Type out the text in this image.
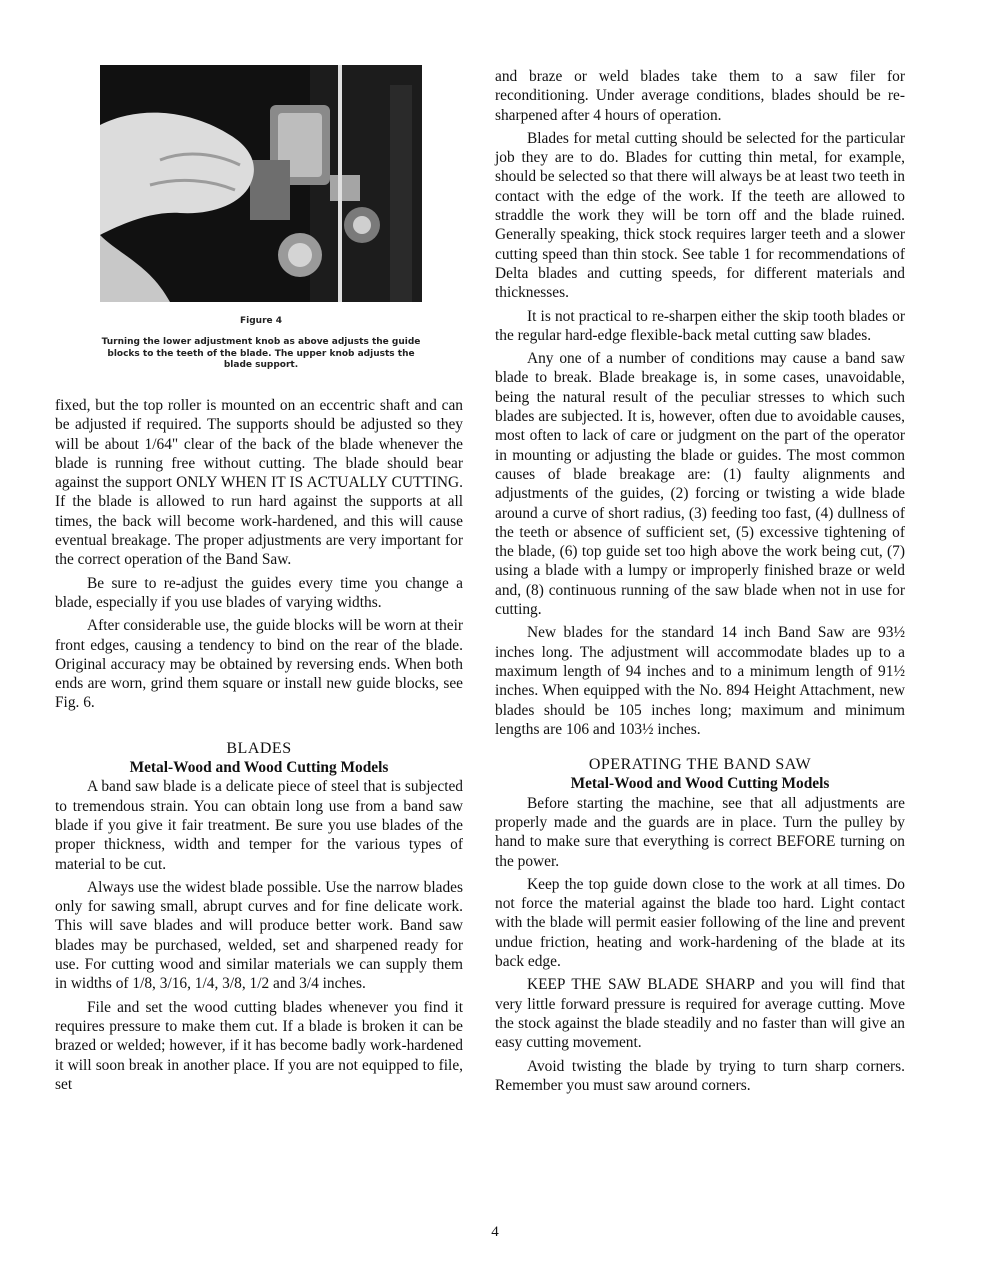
Figure 4
Turning the lower adjustment knob as above adjusts the guide blocks to the teeth of the blade. The upper knob adjusts the blade support.

fixed, but the top roller is mounted on an eccentric shaft and can be adjusted if required. The supports should be adjusted so they will be about 1/64" clear of the back of the blade whenever the blade is running free without cutting. The blade should bear against the support ONLY WHEN IT IS ACTUALLY CUTTING. If the blade is allowed to run hard against the supports at all times, the back will become work-hardened, and this will cause eventual breakage. The proper adjustments are very important for the correct operation of the Band Saw.

Be sure to re-adjust the guides every time you change a blade, especially if you use blades of varying widths.

After considerable use, the guide blocks will be worn at their front edges, causing a tendency to bind on the rear of the blade. Original accuracy may be obtained by reversing ends. When both ends are worn, grind them square or install new guide blocks, see Fig. 6.

BLADES
Metal-Wood and Wood Cutting Models

A band saw blade is a delicate piece of steel that is subjected to tremendous strain. You can obtain long use from a band saw blade if you give it fair treatment. Be sure you use blades of the proper thickness, width and temper for the various types of material to be cut.

Always use the widest blade possible. Use the narrow blades only for sawing small, abrupt curves and for fine delicate work. This will save blades and will produce better work. Band saw blades may be purchased, welded, set and sharpened ready for use. For cutting wood and similar materials we can supply them in widths of 1/8, 3/16, 1/4, 3/8, 1/2 and 3/4 inches.

File and set the wood cutting blades whenever you find it requires pressure to make them cut. If a blade is broken it can be brazed or welded; however, if it has become badly work-hardened it will soon break in another place. If you are not equipped to file, set

and braze or weld blades take them to a saw filer for reconditioning. Under average conditions, blades should be re-sharpened after 4 hours of operation.

Blades for metal cutting should be selected for the particular job they are to do. Blades for cutting thin metal, for example, should be selected so that there will always be at least two teeth in contact with the edge of the work. If the teeth are allowed to straddle the work they will be torn off and the blade ruined. Generally speaking, thick stock requires larger teeth and a slower cutting speed than thin stock. See table 1 for recommendations of Delta blades and cutting speeds, for different materials and thicknesses.

It is not practical to re-sharpen either the skip tooth blades or the regular hard-edge flexible-back metal cutting saw blades.

Any one of a number of conditions may cause a band saw blade to break. Blade breakage is, in some cases, unavoidable, being the natural result of the peculiar stresses to which such blades are subjected. It is, however, often due to avoidable causes, most often to lack of care or judgment on the part of the operator in mounting or adjusting the blade or guides. The most common causes of blade breakage are: (1) faulty alignments and adjustments of the guides, (2) forcing or twisting a wide blade around a curve of short radius, (3) feeding too fast, (4) dullness of the teeth or absence of sufficient set, (5) excessive tightening of the blade, (6) top guide set too high above the work being cut, (7) using a blade with a lumpy or improperly finished braze or weld and, (8) continuous running of the saw blade when not in use for cutting.

New blades for the standard 14 inch Band Saw are 93½ inches long. The adjustment will accommodate blades up to a maximum length of 94 inches and to a minimum length of 91½ inches. When equipped with the No. 894 Height Attachment, new blades should be 105 inches long; maximum and minimum lengths are 106 and 103½ inches.

OPERATING THE BAND SAW
Metal-Wood and Wood Cutting Models

Before starting the machine, see that all adjustments are properly made and the guards are in place. Turn the pulley by hand to make sure that everything is correct BEFORE turning on the power.

Keep the top guide down close to the work at all times. Do not force the material against the blade too hard. Light contact with the blade will permit easier following of the line and prevent undue friction, heating and work-hardening of the blade at its back edge.

KEEP THE SAW BLADE SHARP and you will find that very little forward pressure is required for average cutting. Move the stock against the blade steadily and no faster than will give an easy cutting movement.

Avoid twisting the blade by trying to turn sharp corners. Remember you must saw around corners.

4
